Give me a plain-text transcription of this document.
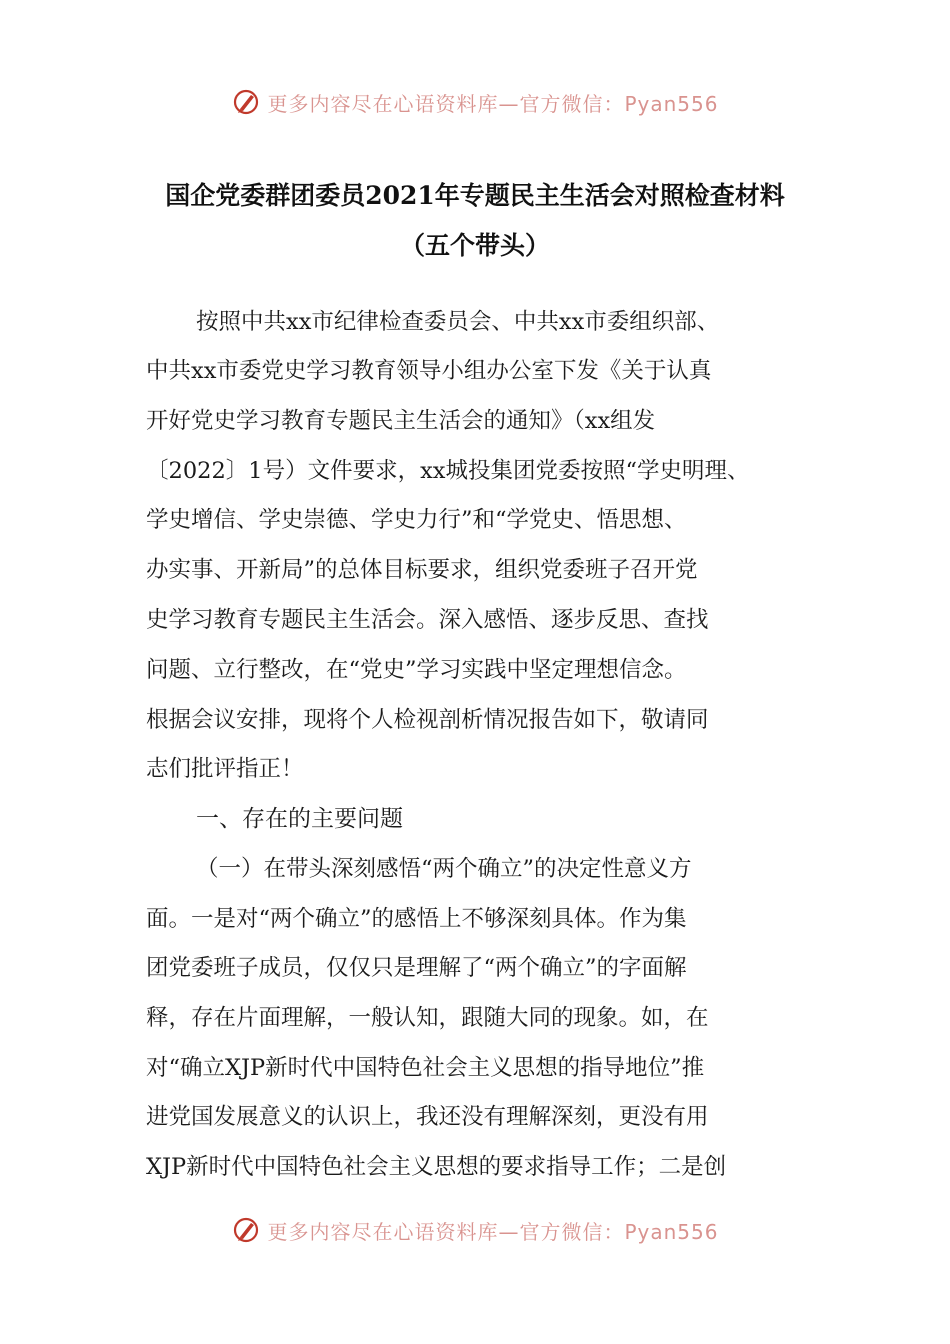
更多内容尽在心语资料库—官方微信：Pyan556
国企党委群团委员2021年专题民主生活会对照检查材料
（五个带头）
按照中共xx市纪律检查委员会、中共xx市委组织部、
中共xx市委党史学习教育领导小组办公室下发《关于认真
开好党史学习教育专题民主生活会的通知》（xx组发
〔2022〕1号）文件要求，xx城投集团党委按照“学史明理、
学史增信、学史崇德、学史力行”和“学党史、悟思想、
办实事、开新局”的总体目标要求，组织党委班子召开党
史学习教育专题民主生活会。深入感悟、逐步反思、查找
问题、立行整改，在“党史”学习实践中坚定理想信念。
根据会议安排，现将个人检视剖析情况报告如下，敬请同
志们批评指正！
一、存在的主要问题
（一）在带头深刻感悟“两个确立”的决定性意义方
面。一是对“两个确立”的感悟上不够深刻具体。作为集
团党委班子成员，仅仅只是理解了“两个确立”的字面解
释，存在片面理解，一般认知，跟随大同的现象。如，在
对“确立XJP新时代中国特色社会主义思想的指导地位”推
进党国发展意义的认识上，我还没有理解深刻，更没有用
XJP新时代中国特色社会主义思想的要求指导工作；二是创
更多内容尽在心语资料库—官方微信：Pyan556
